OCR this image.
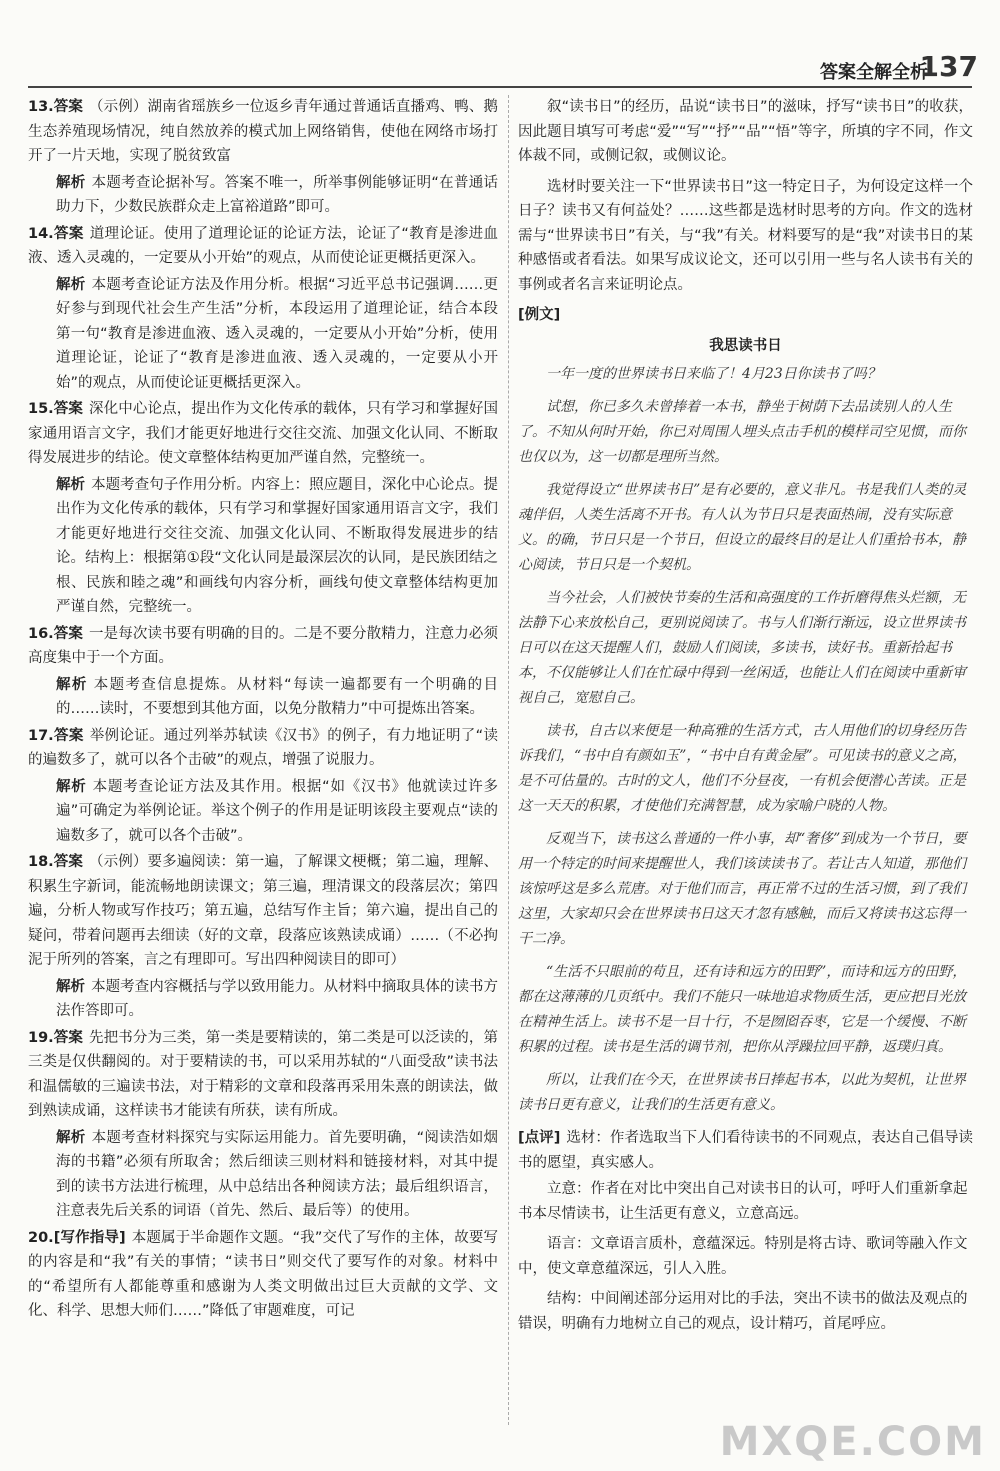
答案全解全析
137
13.答案 （示例）湖南省瑶族乡一位返乡青年通过普通话直播鸡、鸭、鹅生态养殖现场情况，纯自然放养的模式加上网络销售，使他在网络市场打开了一片天地，实现了脱贫致富
解析 本题考查论据补写。答案不唯一，所举事例能够证明“在普通话助力下，少数民族群众走上富裕道路”即可。
14.答案 道理论证。使用了道理论证的论证方法，论证了“教育是渗进血液、透入灵魂的，一定要从小开始”的观点，从而使论证更概括更深入。
解析 本题考查论证方法及作用分析。根据“习近平总书记强调……更好参与到现代社会生产生活”分析，本段运用了道理论证，结合本段第一句“教育是渗进血液、透入灵魂的，一定要从小开始”分析，使用道理论证，论证了“教育是渗进血液、透入灵魂的，一定要从小开始”的观点，从而使论证更概括更深入。
15.答案 深化中心论点，提出作为文化传承的载体，只有学习和掌握好国家通用语言文字，我们才能更好地进行交往交流、加强文化认同、不断取得发展进步的结论。使文章整体结构更加严谨自然，完整统一。
解析 本题考查句子作用分析。内容上：照应题目，深化中心论点。提出作为文化传承的载体，只有学习和掌握好国家通用语言文字，我们才能更好地进行交往交流、加强文化认同、不断取得发展进步的结论。结构上：根据第①段“文化认同是最深层次的认同，是民族团结之根、民族和睦之魂”和画线句内容分析，画线句使文章整体结构更加严谨自然，完整统一。
16.答案 一是每次读书要有明确的目的。二是不要分散精力，注意力必须高度集中于一个方面。
解析 本题考查信息提炼。从材料“每读一遍都要有一个明确的目的……读时，不要想到其他方面，以免分散精力”中可提炼出答案。
17.答案 举例论证。通过列举苏轼读《汉书》的例子，有力地证明了“读的遍数多了，就可以各个击破”的观点，增强了说服力。
解析 本题考查论证方法及其作用。根据“如《汉书》他就读过许多遍”可确定为举例论证。举这个例子的作用是证明该段主要观点“读的遍数多了，就可以各个击破”。
18.答案 （示例）要多遍阅读：第一遍，了解课文梗概；第二遍，理解、积累生字新词，能流畅地朗读课文；第三遍，理清课文的段落层次；第四遍，分析人物或写作技巧；第五遍，总结写作主旨；第六遍，提出自己的疑问，带着问题再去细读（好的文章，段落应该熟读成诵）……（不必拘泥于所列的答案，言之有理即可。写出四种阅读目的即可）
解析 本题考查内容概括与学以致用能力。从材料中摘取具体的读书方法作答即可。
19.答案 先把书分为三类，第一类是要精读的，第二类是可以泛读的，第三类是仅供翻阅的。对于要精读的书，可以采用苏轼的“八面受敌”读书法和温儒敏的三遍读书法，对于精彩的文章和段落再采用朱熹的朗读法，做到熟读成诵，这样读书才能读有所获，读有所成。
解析 本题考查材料探究与实际运用能力。首先要明确，“阅读浩如烟海的书籍”必须有所取舍；然后细读三则材料和链接材料，对其中提到的读书方法进行梳理，从中总结出各种阅读方法；最后组织语言，注意表先后关系的词语（首先、然后、最后等）的使用。
20.[写作指导] 本题属于半命题作文题。“我”交代了写作的主体，故要写的内容是和“我”有关的事情；“读书日”则交代了要写作的对象。材料中的“希望所有人都能尊重和感谢为人类文明做出过巨大贡献的文学、文化、科学、思想大师们……”降低了审题难度，可记

叙“读书日”的经历，品说“读书日”的滋味，抒写“读书日”的收获，因此题目填写可考虑“爱”“写”“抒”“品”“悟”等字，所填的字不同，作文体裁不同，或侧记叙，或侧议论。

选材时要关注一下“世界读书日”这一特定日子，为何设定这样一个日子？读书又有何益处？……这些都是选材时思考的方向。作文的选材需与“世界读书日”有关，与“我”有关。材料要写的是“我”对读书日的某种感悟或者看法。如果写成议论文，还可以引用一些与名人读书有关的事例或者名言来证明论点。

[例文]
我思读书日

一年一度的世界读书日来临了！4月23日你读书了吗？

试想，你已多久未曾捧着一本书，静坐于树荫下去品读别人的人生了。不知从何时开始，你已对周围人埋头点击手机的模样司空见惯，而你也仅以为，这一切都是理所当然。

我觉得设立“世界读书日”是有必要的，意义非凡。书是我们人类的灵魂伴侣，人类生活离不开书。有人认为节日只是表面热闹，没有实际意义。的确，节日只是一个节日，但设立的最终目的是让人们重拾书本，静心阅读，节日只是一个契机。

当今社会，人们被快节奏的生活和高强度的工作折磨得焦头烂额，无法静下心来放松自己，更别说阅读了。书与人们渐行渐远，设立世界读书日可以在这天提醒人们，鼓励人们阅读，多读书，读好书。重新拾起书本，不仅能够让人们在忙碌中得到一丝闲适，也能让人们在阅读中重新审视自己，宽慰自己。

读书，自古以来便是一种高雅的生活方式，古人用他们的切身经历告诉我们，“书中自有颜如玉”，“书中自有黄金屋”。可见读书的意义之高，是不可估量的。古时的文人，他们不分昼夜，一有机会便潜心苦读。正是这一天天的积累，才使他们充满智慧，成为家喻户晓的人物。

反观当下，读书这么普通的一件小事，却“奢侈”到成为一个节日，要用一个特定的时间来提醒世人，我们该读读书了。若让古人知道，那他们该惊呼这是多么荒唐。对于他们而言，再正常不过的生活习惯，到了我们这里，大家却只会在世界读书日这天才忽有感触，而后又将读书这忘得一干二净。

“生活不只眼前的苟且，还有诗和远方的田野”，而诗和远方的田野，都在这薄薄的几页纸中。我们不能只一味地追求物质生活，更应把目光放在精神生活上。读书不是一目十行，不是囫囵吞枣，它是一个缓慢、不断积累的过程。读书是生活的调节剂，把你从浮躁拉回平静，返璞归真。

所以，让我们在今天，在世界读书日捧起书本，以此为契机，让世界读书日更有意义，让我们的生活更有意义。

[点评] 选材：作者选取当下人们看待读书的不同观点，表达自己倡导读书的愿望，真实感人。

立意：作者在对比中突出自己对读书日的认可，呼吁人们重新拿起书本尽情读书，让生活更有意义，立意高远。

语言：文章语言质朴，意蕴深远。特别是将古诗、歌词等融入作文中，使文章意蕴深远，引人入胜。

结构：中间阐述部分运用对比的手法，突出不读书的做法及观点的错误，明确有力地树立自己的观点，设计精巧，首尾呼应。

MXQE.COM
